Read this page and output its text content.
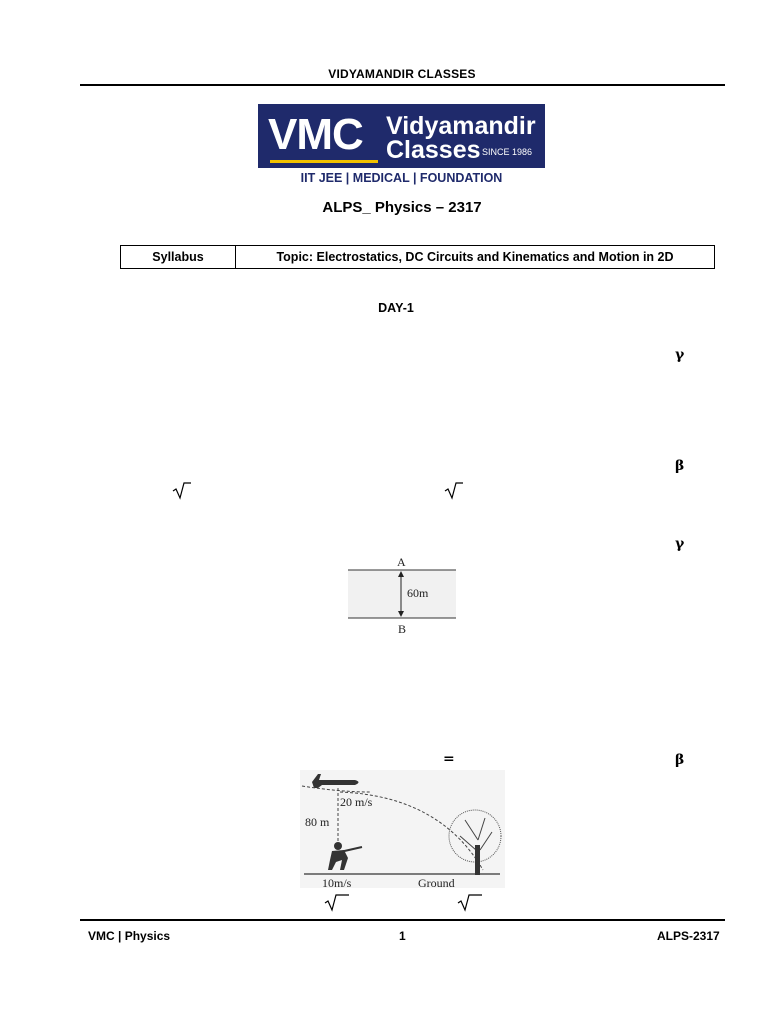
VIDYAMANDIR CLASSES
VMC Vidyamandir
Classes SINCE 1986
IIT JEE | MEDICAL | FOUNDATION
ALPS_ Physics – 2317
Syllabus	Topic: Electrostatics, DC Circuits and Kinematics and Motion in 2D
DAY-1
γ
β
γ
A
60m
B
=	β
20 m/s
80 m
10m/s	Ground
VMC | Physics	1	ALPS-2317
